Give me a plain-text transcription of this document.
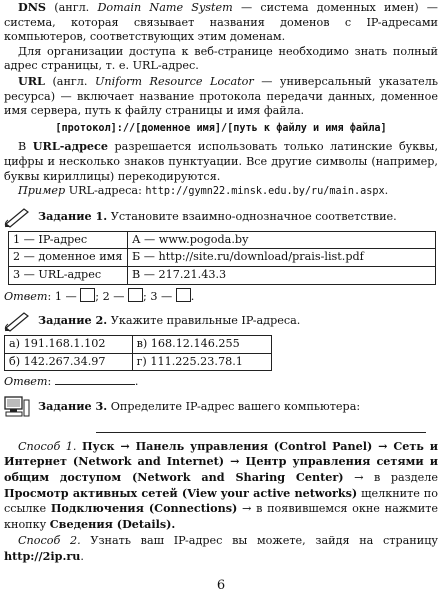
DNS (англ. Domain Name System — система доменных имен) — система, которая связывает названия доменов с IP-адресами компьютеров, соответствующих этим доменам.

Для организации доступа к веб-странице необходимо знать полный адрес страницы, т. е. URL-адрес.

URL (англ. Uniform Resource Locator — универсальный указатель ресурса) — включает название протокола передачи данных, доменное имя сервера, путь к файлу страницы и имя файла.

[протокол]://[доменное имя]/[путь к файлу и имя файла]

В URL-адресе разрешается использовать только латинские буквы, цифры и несколько знаков пунктуации. Все другие символы (например, буквы кириллицы) перекодируются.

Пример URL-адреса: http://gymn22.minsk.edu.by/ru/main.aspx.

Задание 1. Установите взаимно-однозначное соответствие.
1 — IP-адрес	А — www.pogoda.by
2 — доменное имя	Б — http://site.ru/download/prais-list.pdf
3 — URL-адрес	В — 217.21.43.3

Ответ: 1 — ; 2 — ; 3 — .

Задание 2. Укажите правильные IP-адреса.
а) 191.168.1.102	в) 168.12.146.255
б) 142.267.34.97	г) 111.225.23.78.1

Ответ:	.

Задание 3. Определите IP-адрес вашего компьютера:

Способ 1. Пуск → Панель управления (Control Panel) → Сеть и Интернет (Network and Internet) → Центр управления сетями и общим доступом (Network and Sharing Center) → в разделе Просмотр активных сетей (View your active networks) щелкните по ссылке Подключения (Connections) → в появившемся окне нажмите кнопку Сведения (Details).

Способ 2. Узнать ваш IP-адрес вы можете, зайдя на страницу http://2ip.ru.

6
